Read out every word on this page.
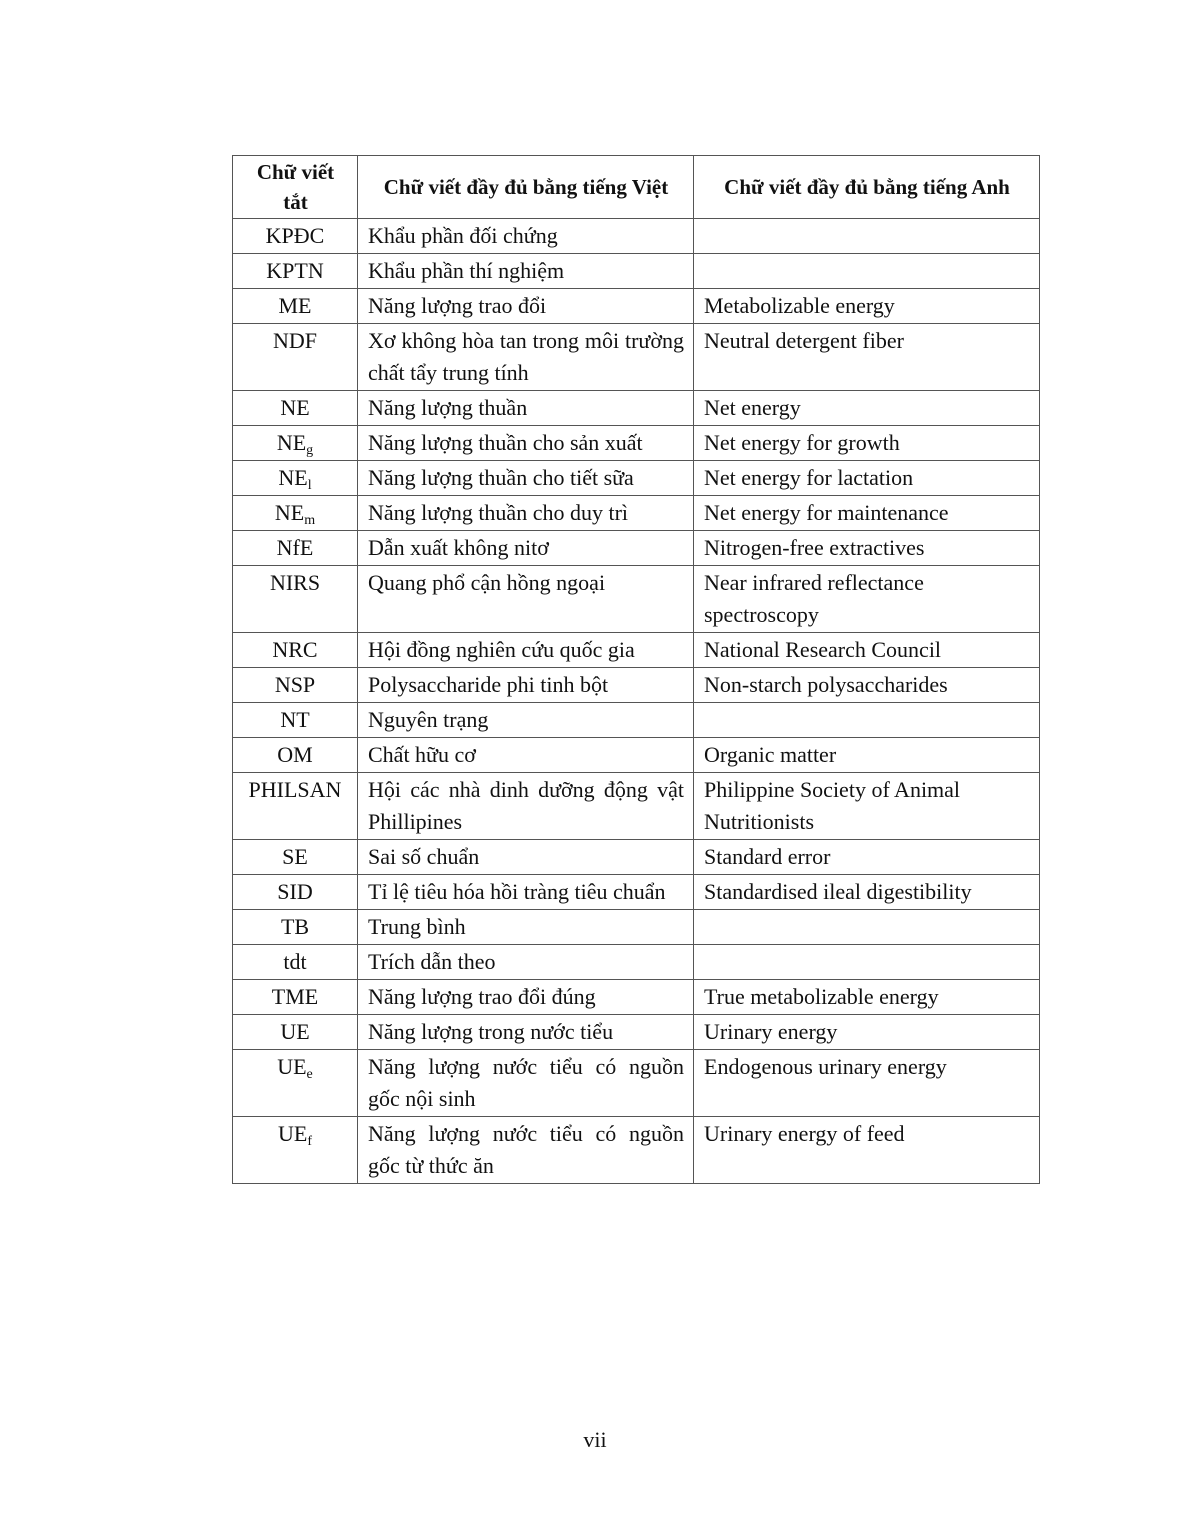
Chữ viết tắt	Chữ viết đầy đủ bằng tiếng Việt	Chữ viết đầy đủ bằng tiếng Anh
KPĐC	Khẩu phần đối chứng	
KPTN	Khẩu phần thí nghiệm	
ME	Năng lượng trao đổi	Metabolizable energy
NDF	Xơ không hòa tan trong môi trường chất tẩy trung tính	Neutral detergent fiber
NE	Năng lượng thuần	Net energy
$NE_g$	Năng lượng thuần cho sản xuất	Net energy for growth
$NE_l$	Năng lượng thuần cho tiết sữa	Net energy for lactation
$NE_m$	Năng lượng thuần cho duy trì	Net energy for maintenance
NfE	Dẫn xuất không nitơ	Nitrogen-free extractives
NIRS	Quang phổ cận hồng ngoại	Near infrared reflectance spectroscopy
NRC	Hội đồng nghiên cứu quốc gia	National Research Council
NSP	Polysaccharide phi tinh bột	Non-starch polysaccharides
NT	Nguyên trạng	
OM	Chất hữu cơ	Organic matter
PHILSAN	Hội các nhà dinh dưỡng động vật Phillipines	Philippine Society of Animal Nutritionists
SE	Sai số chuẩn	Standard error
SID	Tỉ lệ tiêu hóa hồi tràng tiêu chuẩn	Standardised ileal digestibility
TB	Trung bình	
tdt	Trích dẫn theo	
TME	Năng lượng trao đổi đúng	True metabolizable energy
UE	Năng lượng trong nước tiểu	Urinary energy
$UE_e$	Năng lượng nước tiểu có nguồn gốc nội sinh	Endogenous urinary energy
$UE_f$	Năng lượng nước tiểu có nguồn gốc từ thức ăn	Urinary energy of feed
vii
